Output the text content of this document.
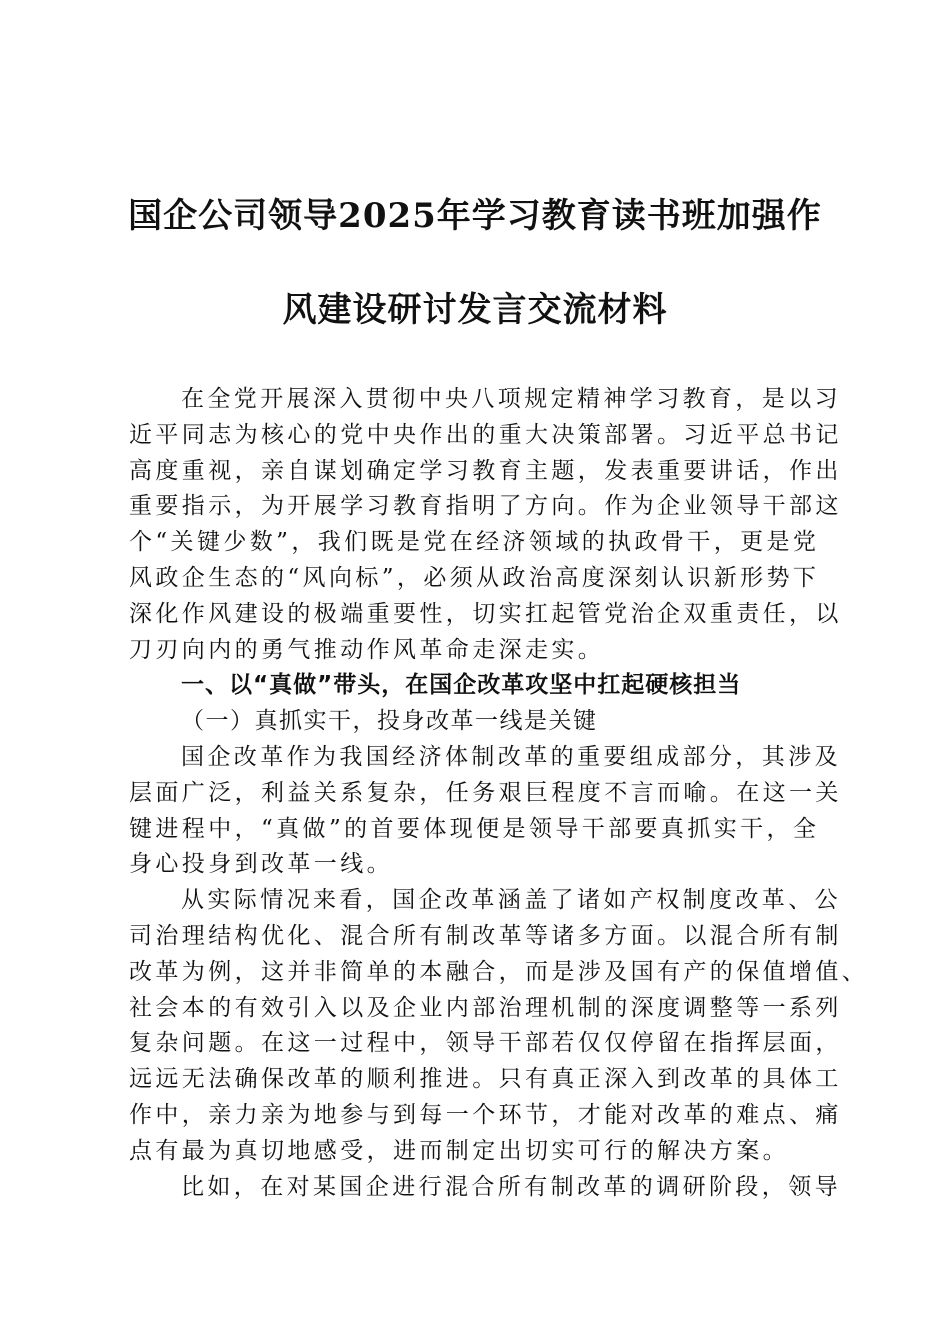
国企公司领导2025年学习教育读书班加强作
风建设研讨发言交流材料
在全党开展深入贯彻中央八项规定精神学习教育，是以习
近平同志为核心的党中央作出的重大决策部署。习近平总书记
高度重视，亲自谋划确定学习教育主题，发表重要讲话，作出
重要指示，为开展学习教育指明了方向。作为企业领导干部这
个“关键少数”，我们既是党在经济领域的执政骨干，更是党
风政企生态的“风向标”，必须从政治高度深刻认识新形势下
深化作风建设的极端重要性，切实扛起管党治企双重责任，以
刀刃向内的勇气推动作风革命走深走实。
一、以“真做”带头，在国企改革攻坚中扛起硬核担当
（一）真抓实干，投身改革一线是关键
国企改革作为我国经济体制改革的重要组成部分，其涉及
层面广泛，利益关系复杂，任务艰巨程度不言而喻。在这一关
键进程中，“真做”的首要体现便是领导干部要真抓实干，全
身心投身到改革一线。
从实际情况来看，国企改革涵盖了诸如产权制度改革、公
司治理结构优化、混合所有制改革等诸多方面。以混合所有制
改革为例，这并非简单的本融合，而是涉及国有产的保值增值、
社会本的有效引入以及企业内部治理机制的深度调整等一系列
复杂问题。在这一过程中，领导干部若仅仅停留在指挥层面，
远远无法确保改革的顺利推进。只有真正深入到改革的具体工
作中，亲力亲为地参与到每一个环节，才能对改革的难点、痛
点有最为真切地感受，进而制定出切实可行的解决方案。
比如，在对某国企进行混合所有制改革的调研阶段，领导
